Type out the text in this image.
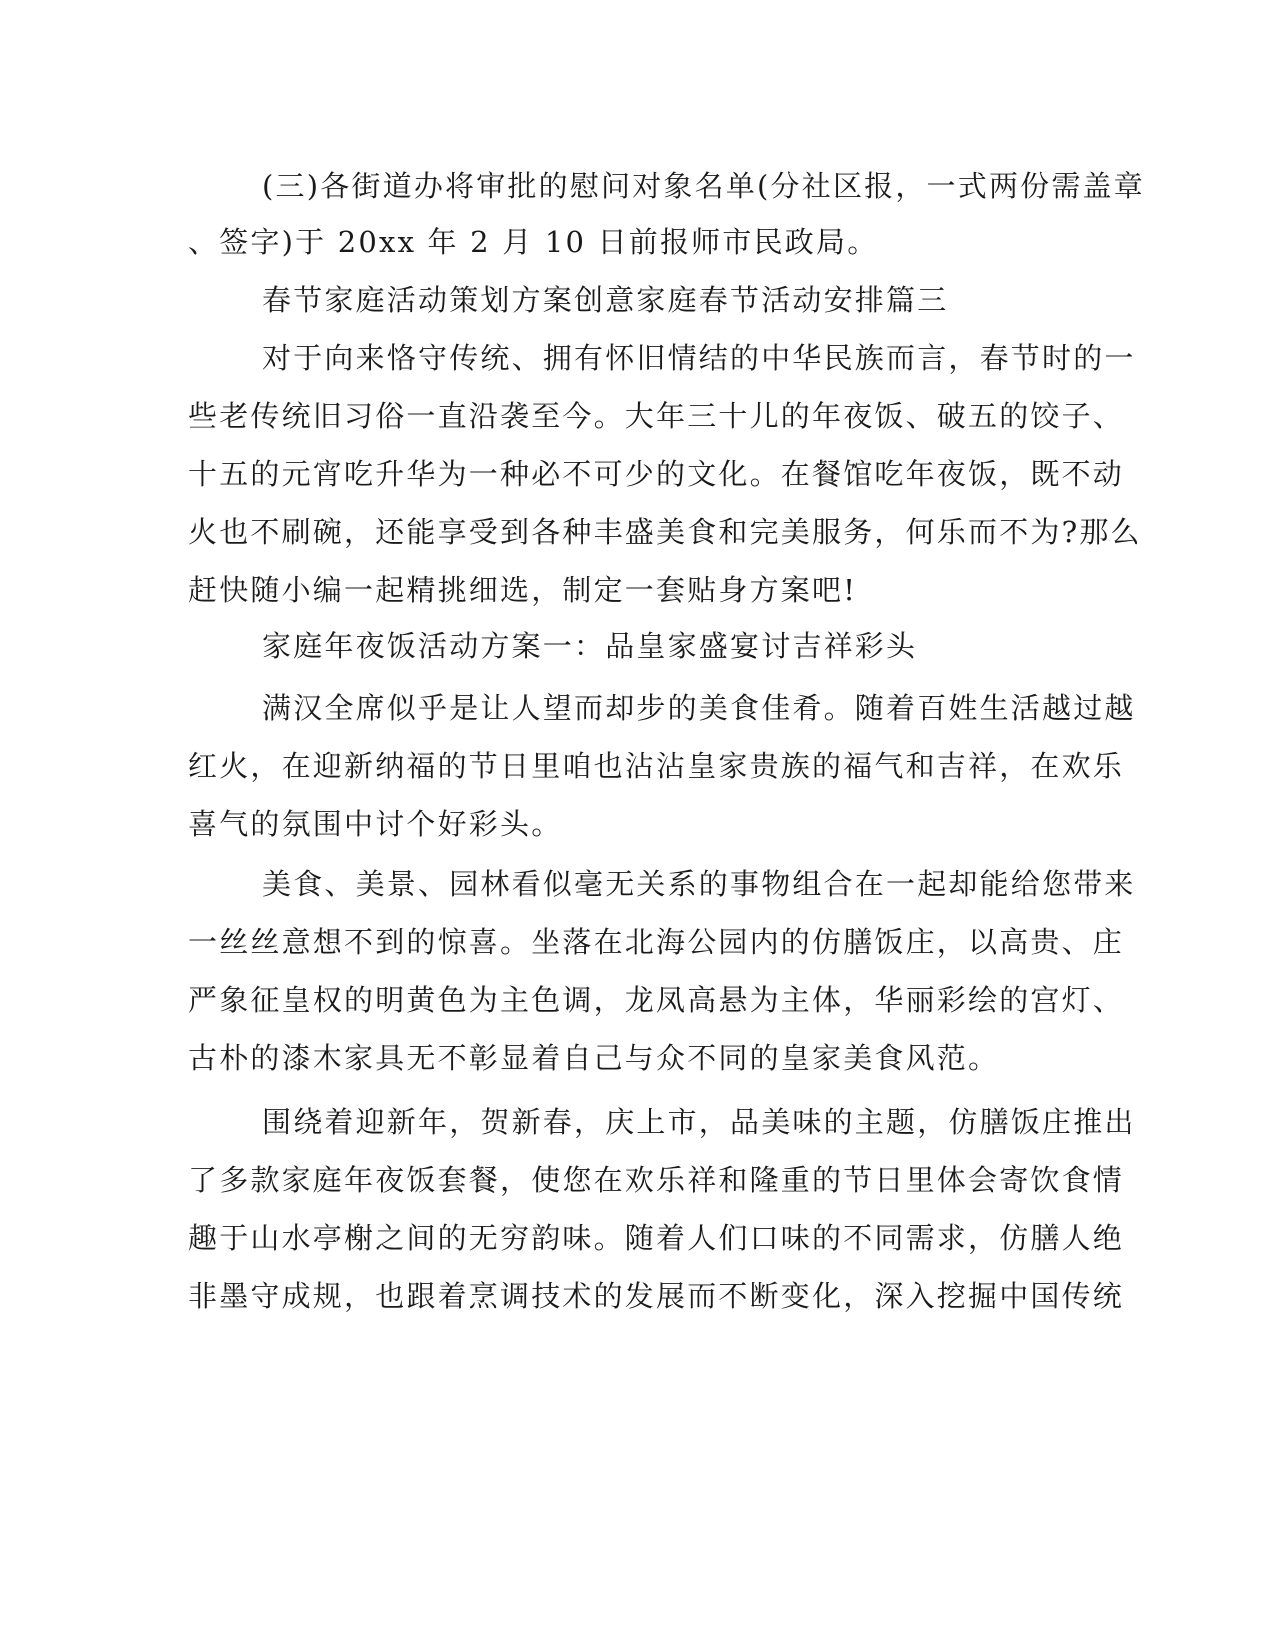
(三)各街道办将审批的慰问对象名单(分社区报，一式两份需盖章
、签字)于 20xx 年 2 月 10 日前报师市民政局。
春节家庭活动策划方案创意家庭春节活动安排篇三
对于向来恪守传统、拥有怀旧情结的中华民族而言，春节时的一
些老传统旧习俗一直沿袭至今。大年三十儿的年夜饭、破五的饺子、
十五的元宵吃升华为一种必不可少的文化。在餐馆吃年夜饭，既不动
火也不刷碗，还能享受到各种丰盛美食和完美服务，何乐而不为?那么
赶快随小编一起精挑细选，制定一套贴身方案吧!
家庭年夜饭活动方案一：品皇家盛宴讨吉祥彩头
满汉全席似乎是让人望而却步的美食佳肴。随着百姓生活越过越
红火，在迎新纳福的节日里咱也沾沾皇家贵族的福气和吉祥，在欢乐
喜气的氛围中讨个好彩头。
美食、美景、园林看似毫无关系的事物组合在一起却能给您带来
一丝丝意想不到的惊喜。坐落在北海公园内的仿膳饭庄，以高贵、庄
严象征皇权的明黄色为主色调，龙凤高悬为主体，华丽彩绘的宫灯、
古朴的漆木家具无不彰显着自己与众不同的皇家美食风范。
围绕着迎新年，贺新春，庆上市，品美味的主题，仿膳饭庄推出
了多款家庭年夜饭套餐，使您在欢乐祥和隆重的节日里体会寄饮食情
趣于山水亭榭之间的无穷韵味。随着人们口味的不同需求，仿膳人绝
非墨守成规，也跟着烹调技术的发展而不断变化，深入挖掘中国传统
